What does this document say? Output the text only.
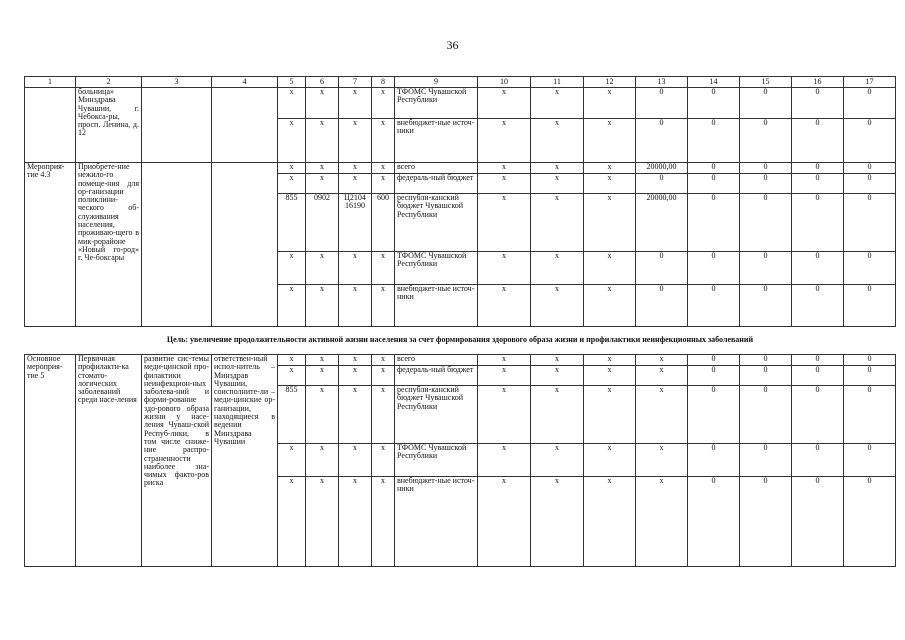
36
1	2	3	4	5	6	7	8	9	10	11	12	13	14	15	16	17
	больница» Минздрава Чувашии, г. Чебокса-ры, просп. Ленина, д. 12			x	x	x	x	ТФОМС Чувашской Республики	x	x	x	0	0	0	0	0
				x	x	x	x	внебюджет-ные источ-ники	x	x	x	0	0	0	0	0
Мероприя-тие 4.3	Приобрете-ние нежило-го помеще-ния для ор-ганизации поликлини-ческого об-служивания населения, проживаю-щего в мик-рорайоне «Новый го-род» г. Че-боксары			x	x	x	x	всего	x	x	x	20000,00	0	0	0	0
				x	x	x	x	федераль-ный бюджет	x	x	x	0	0	0	0	0
				855	0902	Ц2104 16190	600	республи-канский бюджет Чувашской Республики	x	x	x	20000,00	0	0	0	0
				x	x	x	x	ТФОМС Чувашской Республики	x	x	x	0	0	0	0	0
				x	x	x	x	внебюджет-ные источ-ники	x	x	x	0	0	0	0	0
Цель: увеличение продолжительности активной жизни населения за счет формирования здорового образа жизни и профилактики неинфекционных заболеваний																
Основное мероприя-тие 5	Первичная профилакти-ка стомато-логических заболеваний среди насе-ления	развитие сис-темы меди-цинской про-филактики неинфекцион-ных заболева-ний и форми-рование здо-рового образа жизни у насе-ления Чуваш-ской Респуб-лики, в том числе сниже-ние распро-страненности наиболее зна-чимых факто-ров риска	ответствен-ный испол-нитель – Минздрав Чувашии, соисполните-ли – меди-цинские ор-ганизации, находящиеся в ведении Минздрава Чувашии	x	x	x	x	всего	x	x	x	x	0	0	0	0
				x	x	x	x	федераль-ный бюджет	x	x	x	x	0	0	0	0
				855	x	x	x	республи-канский бюджет Чувашской Республики	x	x	x	x	0	0	0	0
				x	x	x	x	ТФОМС Чувашской Республики	x	x	x	x	0	0	0	0
				x	x	x	x	внебюджет-ные источ-ники	x	x	x	x	0	0	0	0
